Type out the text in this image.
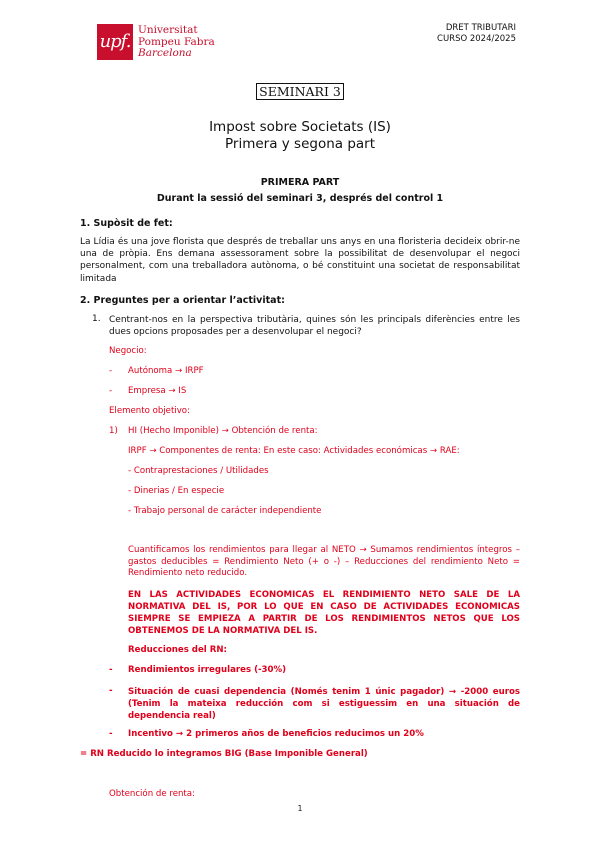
upf.
Universitat
Pompeu Fabra
Barcelona
DRET TRIBUTARI
CURSO 2024/2025
SEMINARI 3
Impost sobre Societats (IS)
Primera y segona part
PRIMERA PART
Durant la sessió del seminari 3, després del control 1
1. Supòsit de fet:
La Lídia és una jove florista que després de treballar uns anys en una floristeria decideix obrir-ne una de pròpia. Ens demana assessorament sobre la possibilitat de desenvolupar el negoci personalment, com una treballadora autònoma, o bé constituint una societat de responsabilitat limitada
2. Preguntes per a orientar l’activitat:
1. Centrant-nos en la perspectiva tributària, quines són les principals diferències entre les dues opcions proposades per a desenvolupar el negoci?
Negocio:
- Autónoma → IRPF
- Empresa → IS
Elemento objetivo:
1) HI (Hecho Imponible) → Obtención de renta:
IRPF → Componentes de renta: En este caso: Actividades económicas → RAE:
- Contraprestaciones / Utilidades
- Dinerias / En especie
- Trabajo personal de carácter independiente
Cuantificamos los rendimientos para llegar al NETO → Sumamos rendimientos íntegros – gastos deducibles = Rendimiento Neto (+ o -) – Reducciones del rendimiento Neto = Rendimiento neto reducido.
EN LAS ACTIVIDADES ECONOMICAS EL RENDIMIENTO NETO SALE DE LA NORMATIVA DEL IS, POR LO QUE EN CASO DE ACTIVIDADES ECONOMICAS SIEMPRE SE EMPIEZA A PARTIR DE LOS RENDIMIENTOS NETOS QUE LOS OBTENEMOS DE LA NORMATIVA DEL IS.
Reducciones del RN:
- Rendimientos irregulares (-30%)
- Situación de cuasi dependencia (Només tenim 1 únic pagador) → -2000 euros (Tenim la mateixa reducción com si estiguessim en una situación de dependencia real)
- Incentivo → 2 primeros años de beneficios reducimos un 20%
= RN Reducido lo integramos BIG (Base Imponible General)
Obtención de renta:
1
